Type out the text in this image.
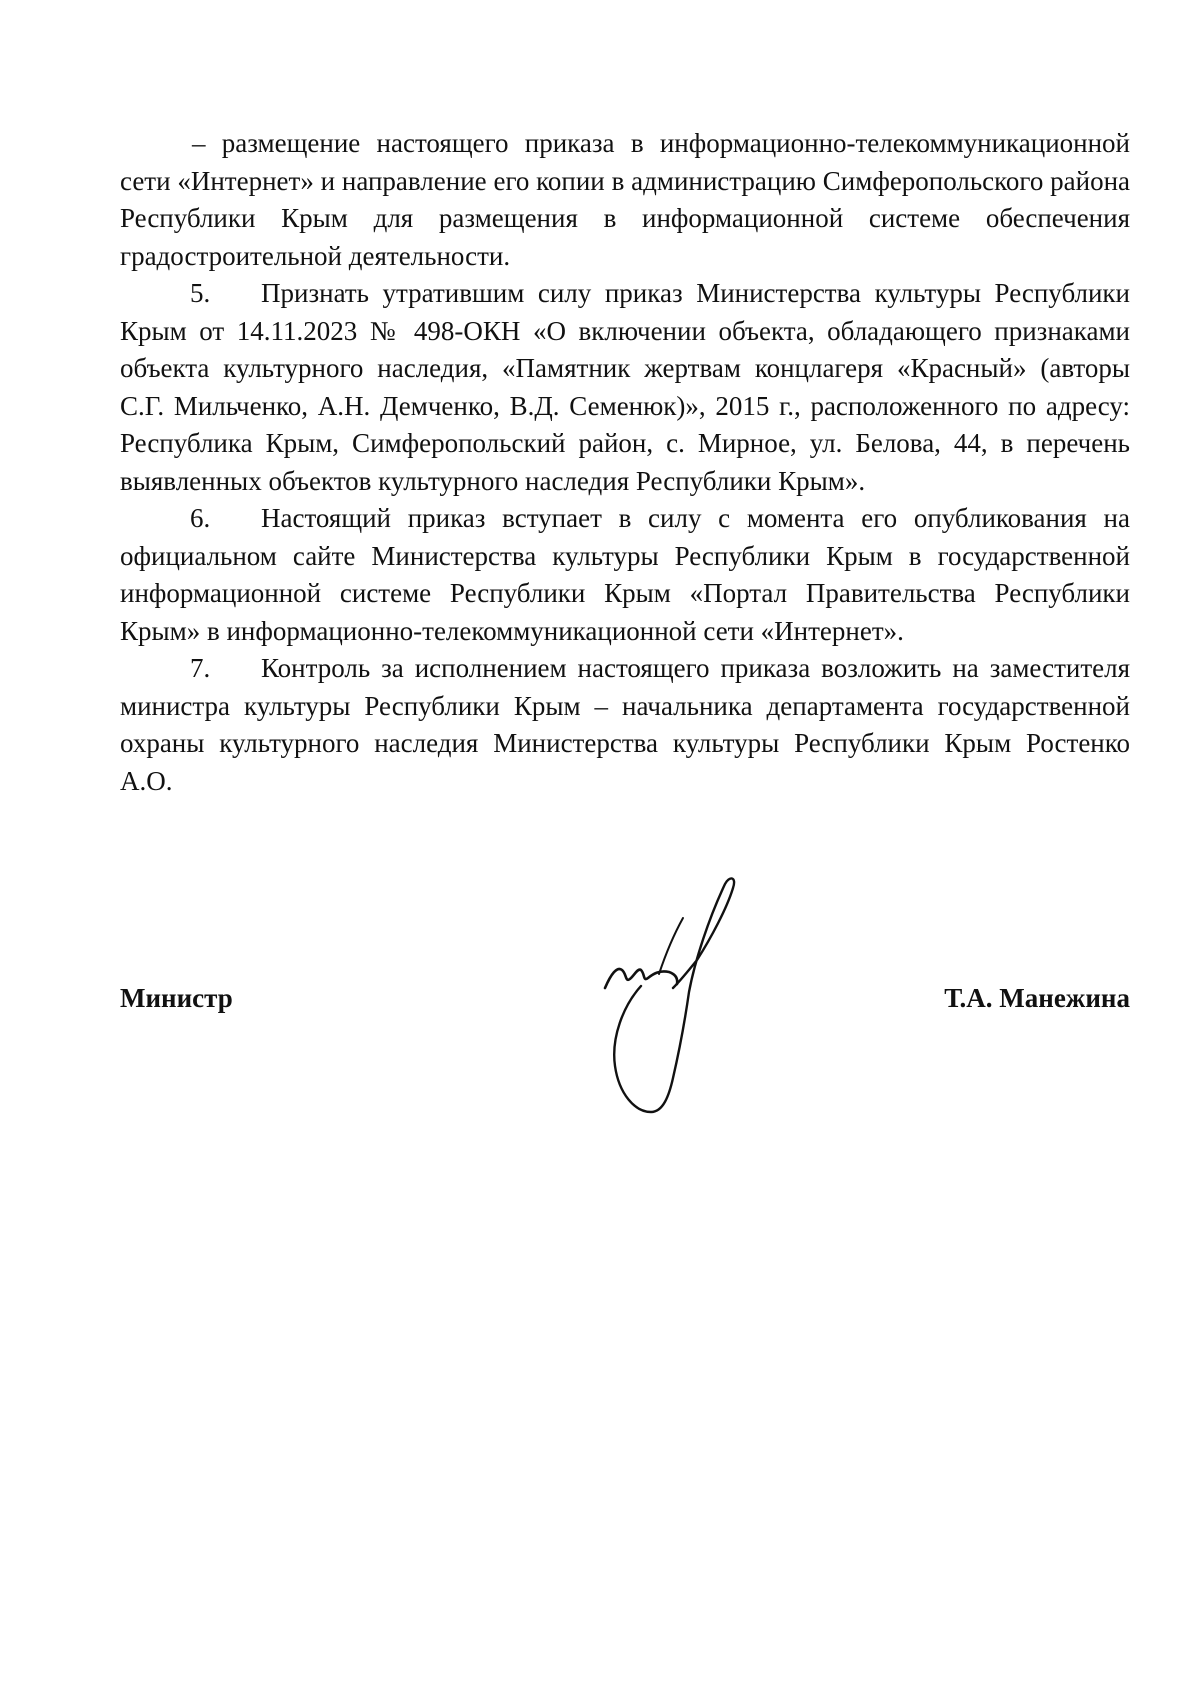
– размещение настоящего приказа в информационно-телекоммуникационной сети «Интернет» и направление его копии в администрацию Симферопольского района Республики Крым для размещения в информационной системе обеспечения градостроительной деятельности.

5. Признать утратившим силу приказ Министерства культуры Республики Крым от 14.11.2023 № 498-ОКН «О включении объекта, обладающего признаками объекта культурного наследия, «Памятник жертвам концлагеря «Красный» (авторы С.Г. Мильченко, А.Н. Демченко, В.Д. Семенюк)», 2015 г., расположенного по адресу: Республика Крым, Симферопольский район, с. Мирное, ул. Белова, 44, в перечень выявленных объектов культурного наследия Республики Крым».

6. Настоящий приказ вступает в силу с момента его опубликования на официальном сайте Министерства культуры Республики Крым в государственной информационной системе Республики Крым «Портал Правительства Республики Крым» в информационно-телекоммуникационной сети «Интернет».

7. Контроль за исполнением настоящего приказа возложить на заместителя министра культуры Республики Крым – начальника департамента государственной охраны культурного наследия Министерства культуры Республики Крым Ростенко А.О.

Министр	Т.А. Манежина
